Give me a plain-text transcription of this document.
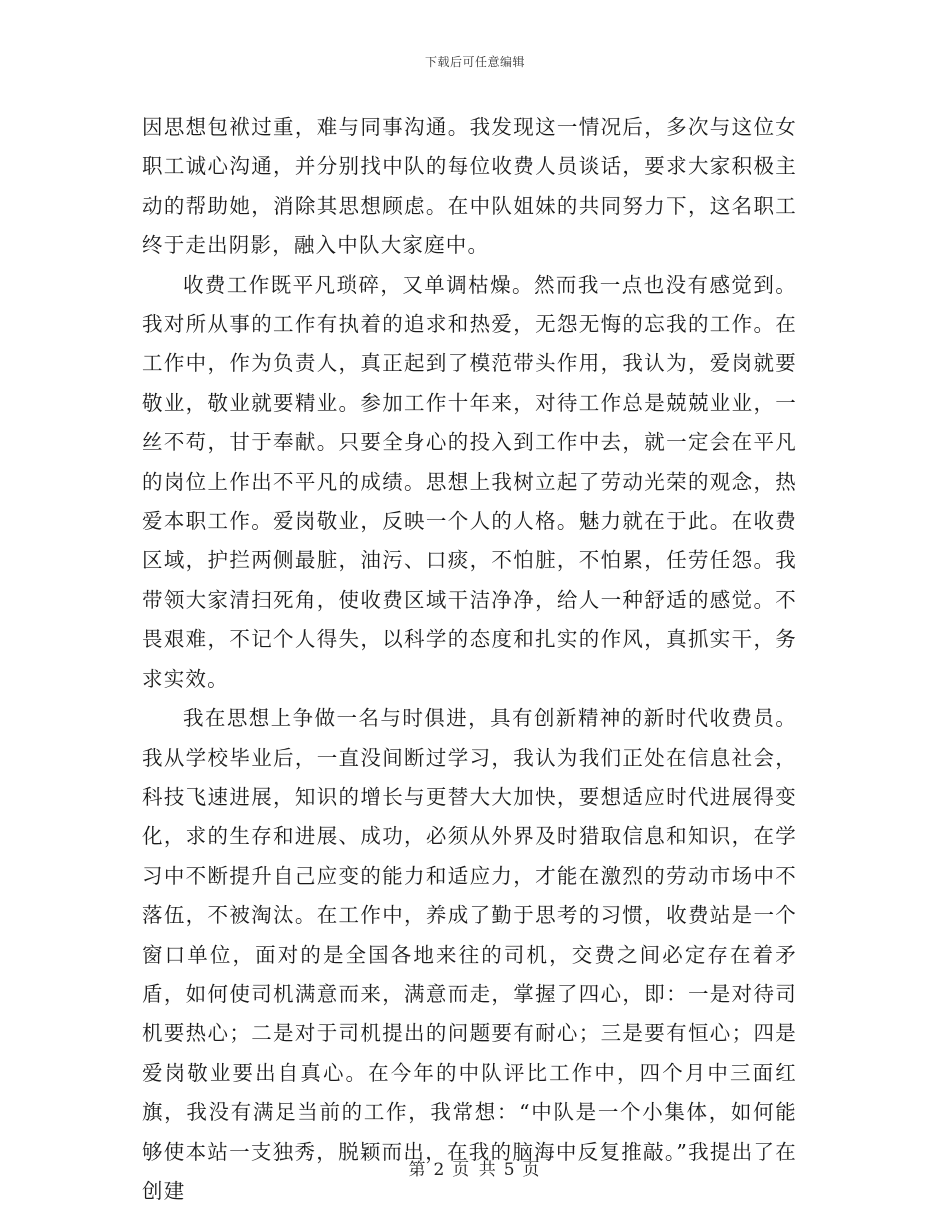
下载后可任意编辑

因思想包袱过重，难与同事沟通。我发现这一情况后，多次与这位女职工诚心沟通，并分别找中队的每位收费人员谈话，要求大家积极主动的帮助她，消除其思想顾虑。在中队姐妹的共同努力下，这名职工终于走出阴影，融入中队大家庭中。

收费工作既平凡琐碎，又单调枯燥。然而我一点也没有感觉到。我对所从事的工作有执着的追求和热爱，无怨无悔的忘我的工作。在工作中，作为负责人，真正起到了模范带头作用，我认为，爱岗就要敬业，敬业就要精业。参加工作十年来，对待工作总是兢兢业业，一丝不苟，甘于奉献。只要全身心的投入到工作中去，就一定会在平凡的岗位上作出不平凡的成绩。思想上我树立起了劳动光荣的观念，热爱本职工作。爱岗敬业，反映一个人的人格。魅力就在于此。在收费区域，护拦两侧最脏，油污、口痰，不怕脏，不怕累，任劳任怨。我带领大家清扫死角，使收费区域干洁净净，给人一种舒适的感觉。不畏艰难，不记个人得失，以科学的态度和扎实的作风，真抓实干，务求实效。

我在思想上争做一名与时俱进，具有创新精神的新时代收费员。我从学校毕业后，一直没间断过学习，我认为我们正处在信息社会，科技飞速进展，知识的增长与更替大大加快，要想适应时代进展得变化，求的生存和进展、成功，必须从外界及时猎取信息和知识，在学习中不断提升自己应变的能力和适应力，才能在激烈的劳动市场中不落伍，不被淘汰。在工作中，养成了勤于思考的习惯，收费站是一个窗口单位，面对的是全国各地来往的司机，交费之间必定存在着矛盾，如何使司机满意而来，满意而走，掌握了四心，即：一是对待司机要热心；二是对于司机提出的问题要有耐心；三是要有恒心；四是爱岗敬业要出自真心。在今年的中队评比工作中，四个月中三面红旗，我没有满足当前的工作，我常想：“中队是一个小集体，如何能够使本站一支独秀，脱颖而出，在我的脑海中反复推敲。”我提出了在创建

第 2 页 共 5 页
